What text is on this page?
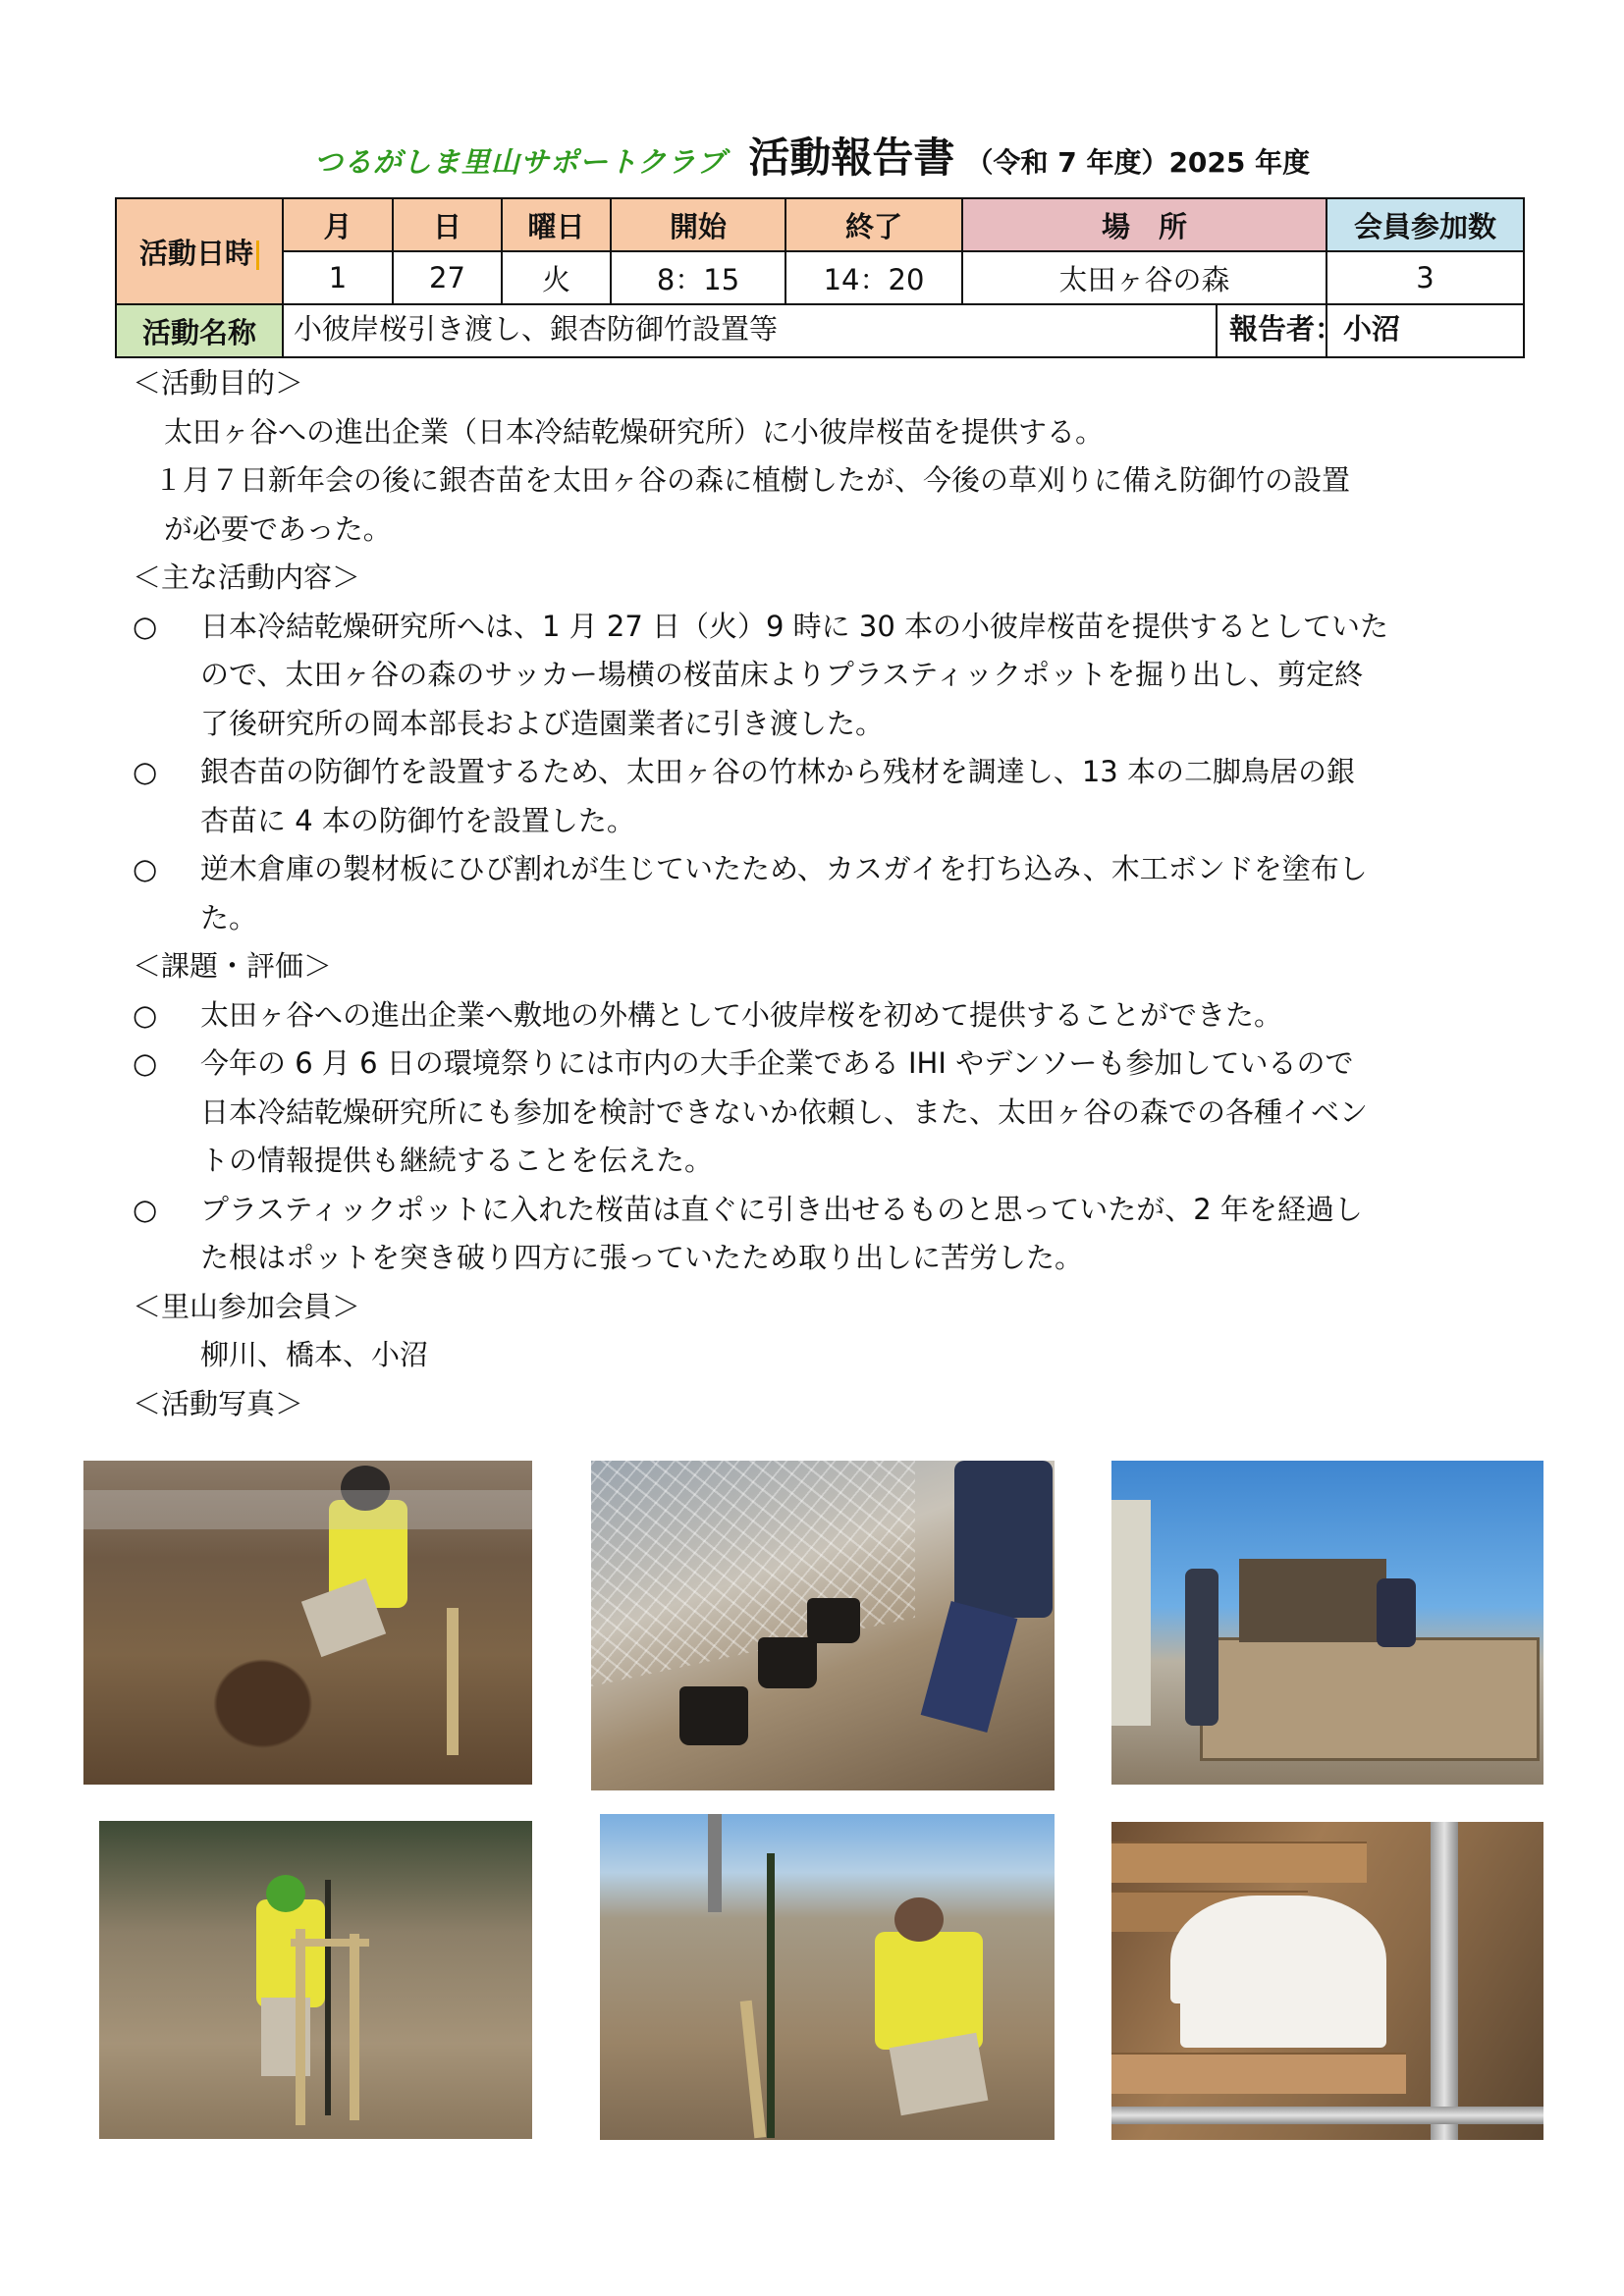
つるがしま里山サポートクラブ 活動報告書 （令和 7 年度）2025 年度
活動日時	月	日	曜日	開始	終了	場　所	会員参加数
	1	27	火	8：15	14：20	太田ヶ谷の森	3
活動名称	小彼岸桜引き渡し、銀杏防御竹設置等 報告者：小沼						
＜活動目的＞
太田ヶ谷への進出企業（日本冷結乾燥研究所）に小彼岸桜苗を提供する。
１月７日新年会の後に銀杏苗を太田ヶ谷の森に植樹したが、今後の草刈りに備え防御竹の設置
が必要であった。
＜主な活動内容＞
○	日本冷結乾燥研究所へは、1 月 27 日（火）9 時に 30 本の小彼岸桜苗を提供するとしていた
ので、太田ヶ谷の森のサッカー場横の桜苗床よりプラスティックポットを掘り出し、剪定終
了後研究所の岡本部長および造園業者に引き渡した。
○	銀杏苗の防御竹を設置するため、太田ヶ谷の竹林から残材を調達し、13 本の二脚鳥居の銀
杏苗に 4 本の防御竹を設置した。
○	逆木倉庫の製材板にひび割れが生じていたため、カスガイを打ち込み、木工ボンドを塗布し
た。
＜課題・評価＞
○	太田ヶ谷への進出企業へ敷地の外構として小彼岸桜を初めて提供することができた。
○	今年の 6 月 6 日の環境祭りには市内の大手企業である IHI やデンソーも参加しているので
日本冷結乾燥研究所にも参加を検討できないか依頼し、また、太田ヶ谷の森での各種イベン
トの情報提供も継続することを伝えた。
○	プラスティックポットに入れた桜苗は直ぐに引き出せるものと思っていたが、2 年を経過し
た根はポットを突き破り四方に張っていたため取り出しに苦労した。
＜里山参加会員＞
柳川、橋本、小沼
＜活動写真＞
